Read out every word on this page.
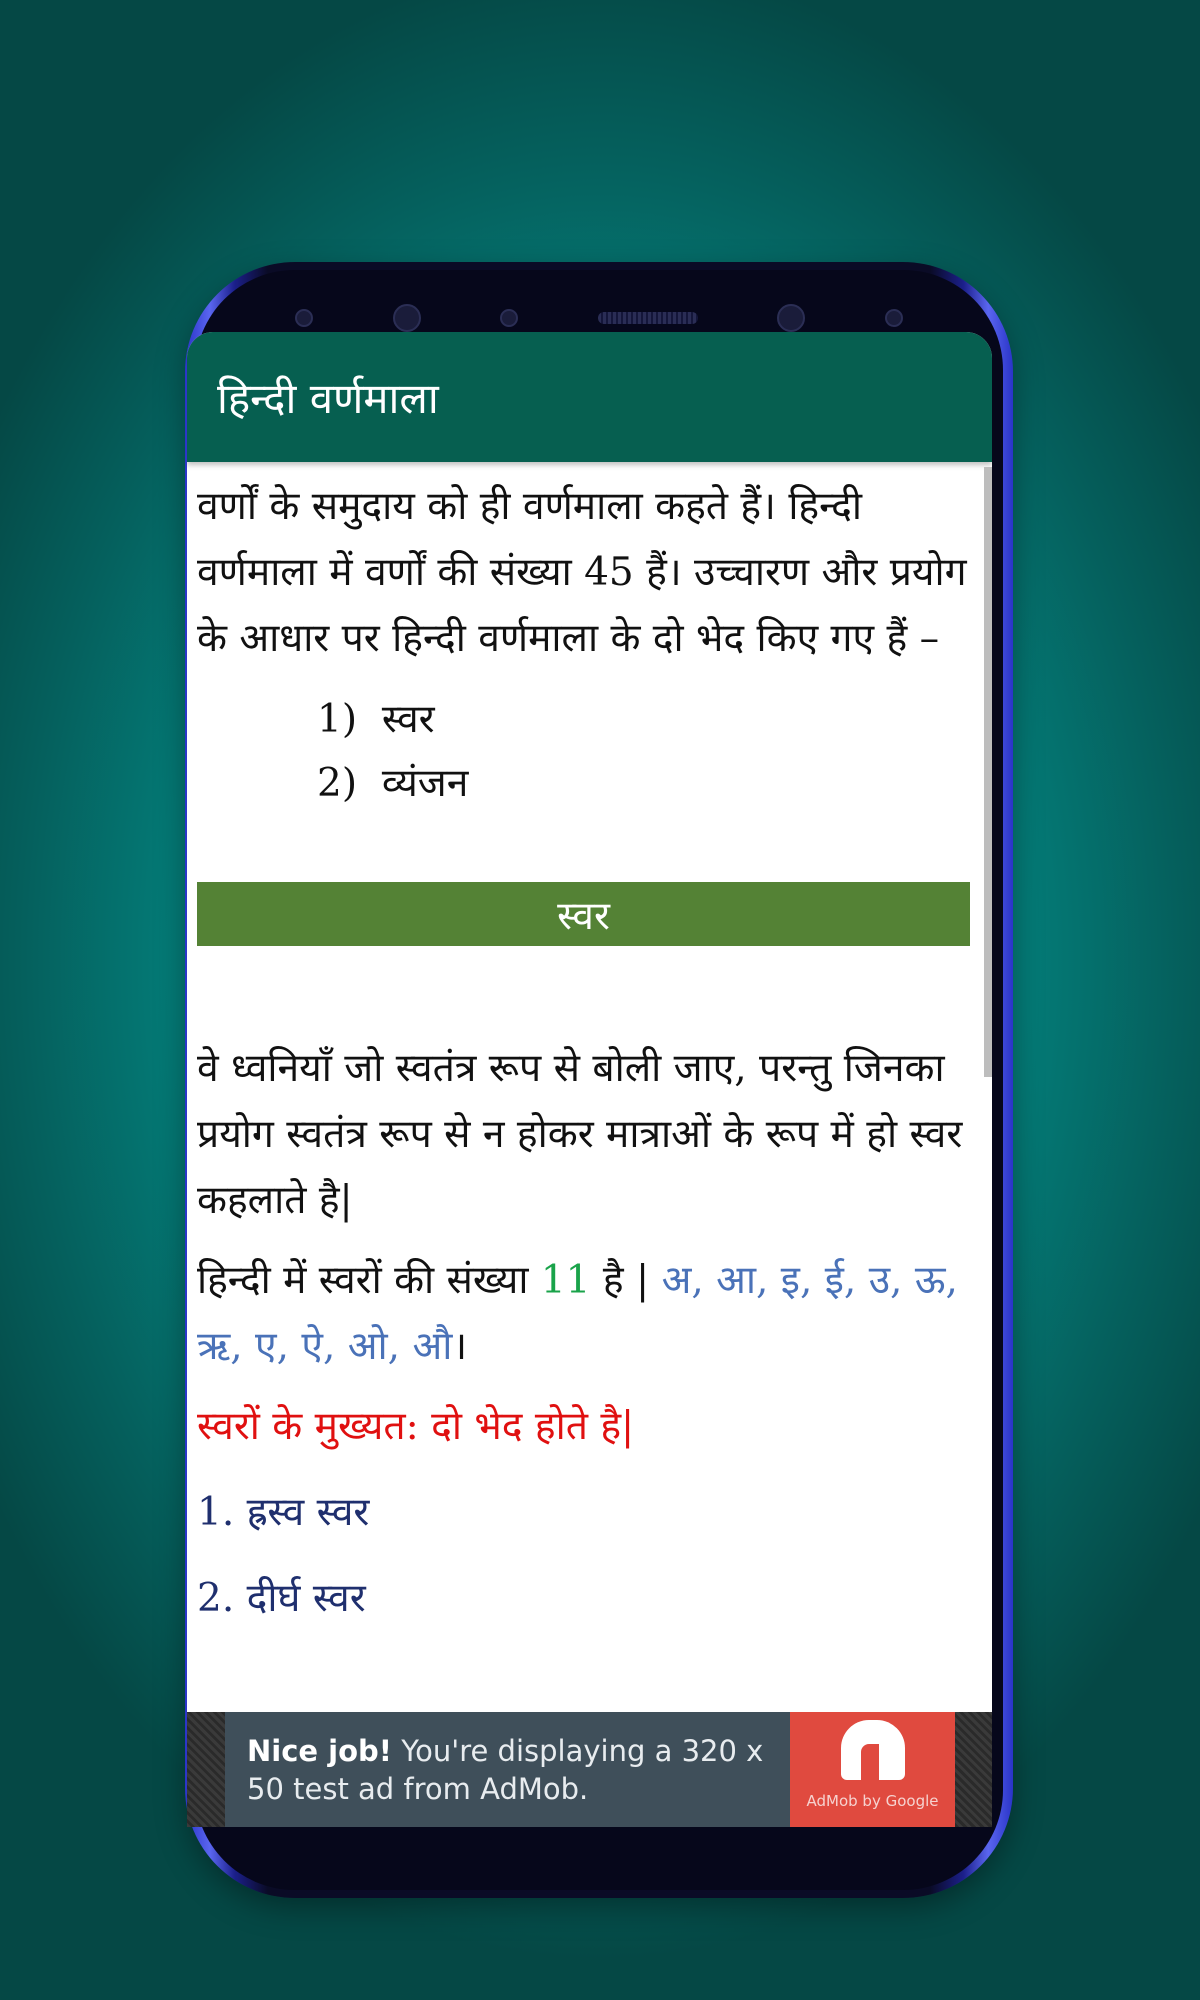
हिन्दी वर्णमाला

वर्णों के समुदाय को ही वर्णमाला कहते हैं। हिन्दी वर्णमाला में वर्णों की संख्या 45 हैं। उच्चारण और प्रयोग के आधार पर हिन्दी वर्णमाला के दो भेद किए गए हैं –

1) स्वर
2) व्यंजन
स्वर

वे ध्वनियाँ जो स्वतंत्र रूप से बोली जाए, परन्तु जिनका प्रयोग स्वतंत्र रूप से न होकर मात्राओं के रूप में हो स्वर कहलाते है|

हिन्दी में स्वरों की संख्या 11 है | अ, आ, इ, ई, उ, ऊ, ऋ, ए, ऐ, ओ, औ।

स्वरों के मुख्यत: दो भेद होते है|

1. ह्रस्व स्वर

2. दीर्घ स्वर

Nice job! You're displaying a 320 x 50 test ad from AdMob.	AdMob by Google
